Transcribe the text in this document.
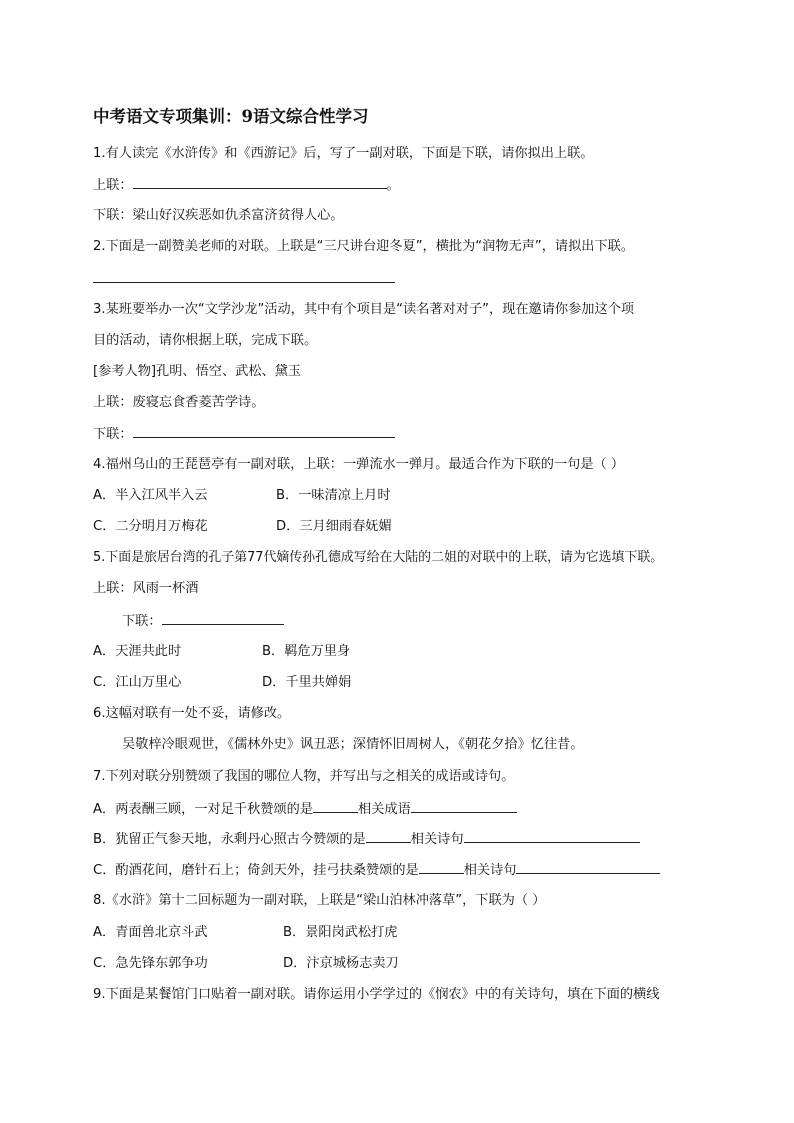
中考语文专项集训：9语文综合性学习
1.有人读完《水浒传》和《西游记》后，写了一副对联，下面是下联，请你拟出上联。
上联：	。
下联：梁山好汉疾恶如仇杀富济贫得人心。
2.下面是一副赞美老师的对联。上联是“三尺讲台迎冬夏”，横批为“润物无声”，请拟出下联。
3.某班要举办一次“文学沙龙”活动，其中有个项目是“读名著对对子”，现在邀请你参加这个项
目的活动，请你根据上联，完成下联。
[参考人物]孔明、悟空、武松、黛玉
上联：废寝忘食香菱苦学诗。
下联：
4.福州乌山的王琵琶亭有一副对联，上联：一弹流水一弹月。最适合作为下联的一句是（ ）
A．半入江风半入云	B．一味清凉上月时
C．二分明月万梅花	D．三月细雨春妩媚
5.下面是旅居台湾的孔子第77代嫡传孙孔德成写给在大陆的二姐的对联中的上联，请为它选填下联。
上联：风雨一杯酒
下联：
A．天涯共此时	B．羁危万里身
C．江山万里心	D．千里共婵娟
6.这幅对联有一处不妥，请修改。
吴敬梓冷眼观世，《儒林外史》讽丑恶；深情怀旧周树人，《朝花夕拾》忆往昔。
7.下列对联分别赞颂了我国的哪位人物，并写出与之相关的成语或诗句。
A．两表酬三顾，一对足千秋赞颂的是	相关成语
B．犹留正气参天地，永剩丹心照古今赞颂的是	相关诗句
C．酌酒花间，磨针石上；倚剑天外，挂弓扶桑赞颂的是	相关诗句
8.《水浒》第十二回标题为一副对联，上联是“梁山泊林冲落草”，下联为（ ）
A．青面兽北京斗武	B．景阳岗武松打虎
C．急先锋东郭争功	D．汴京城杨志卖刀
9.下面是某餐馆门口贴着一副对联。请你运用小学学过的《悯农》中的有关诗句，填在下面的横线
